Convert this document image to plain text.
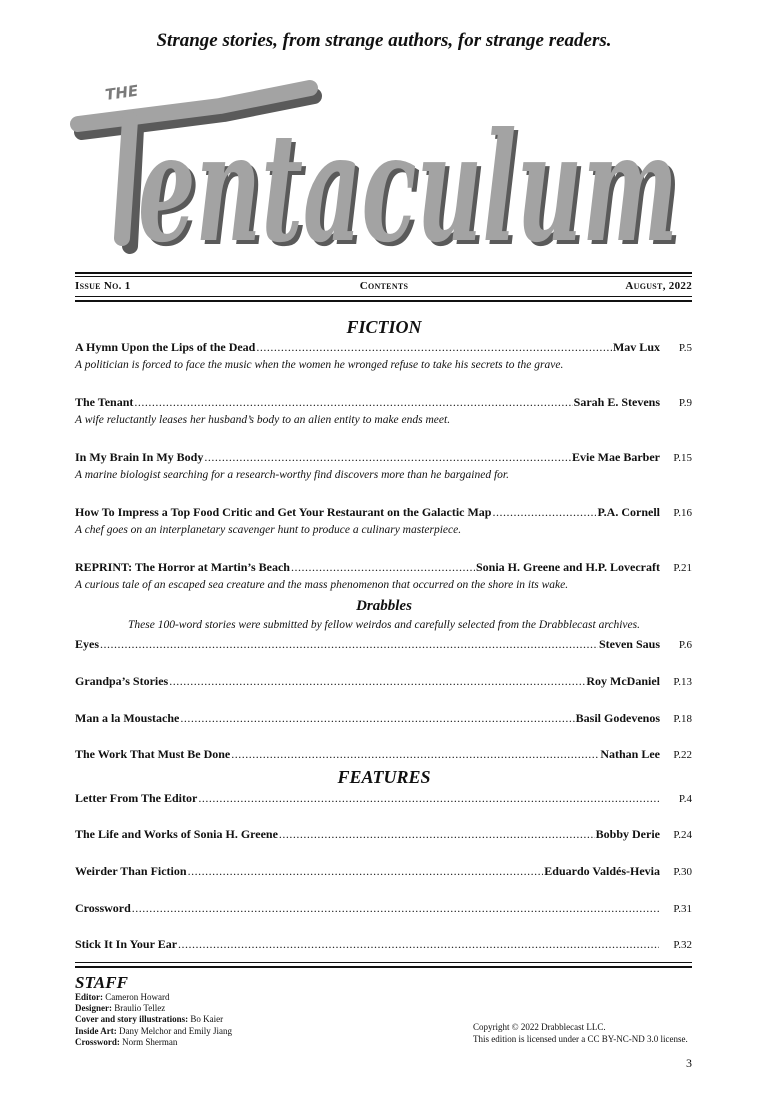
Strange stories, from strange authors, for strange readers.
entaculum
entaculum
THE
Issue No. 1	Contents	August, 2022
FICTION
A Hymn Upon the Lips of the Dead .....	Mav Lux	P.5
A politician is forced to face the music when the women he wronged refuse to take his secrets to the grave.
The Tenant .....	Sarah E. Stevens	P.9
A wife reluctantly leases her husband’s body to an alien entity to make ends meet.
In My Brain In My Body .....	Evie Mae Barber	P.15
A marine biologist searching for a research-worthy find discovers more than he bargained for.
How To Impress a Top Food Critic and Get Your Restaurant on the Galactic Map .....	P.A. Cornell	P.16
A chef goes on an interplanetary scavenger hunt to produce a culinary masterpiece.
REPRINT: The Horror at Martin’s Beach .....	Sonia H. Greene and H.P. Lovecraft	P.21
A curious tale of an escaped sea creature and the mass phenomenon that occurred on the shore in its wake.
Drabbles
These 100-word stories were submitted by fellow weirdos and carefully selected from the Drabblecast archives.
Eyes .....	Steven Saus	P.6
Grandpa’s Stories .....	Roy McDaniel	P.13
Man a la Moustache .....	Basil Godevenos	P.18
The Work That Must Be Done .....	Nathan Lee	P.22
FEATURES
Letter From The Editor .....	P.4
The Life and Works of Sonia H. Greene .....	Bobby Derie	P.24
Weirder Than Fiction .....	Eduardo Valdés-Hevia	P.30
Crossword .....	P.31
Stick It In Your Ear .....	P.32
STAFF
Editor: Cameron Howard
Designer: Braulio Tellez
Cover and story illustrations: Bo Kaier
Inside Art: Dany Melchor and Emily Jiang
Crossword: Norm Sherman
Copyright © 2022 Drabblecast LLC.
This edition is licensed under a CC BY-NC-ND 3.0 license.
3
